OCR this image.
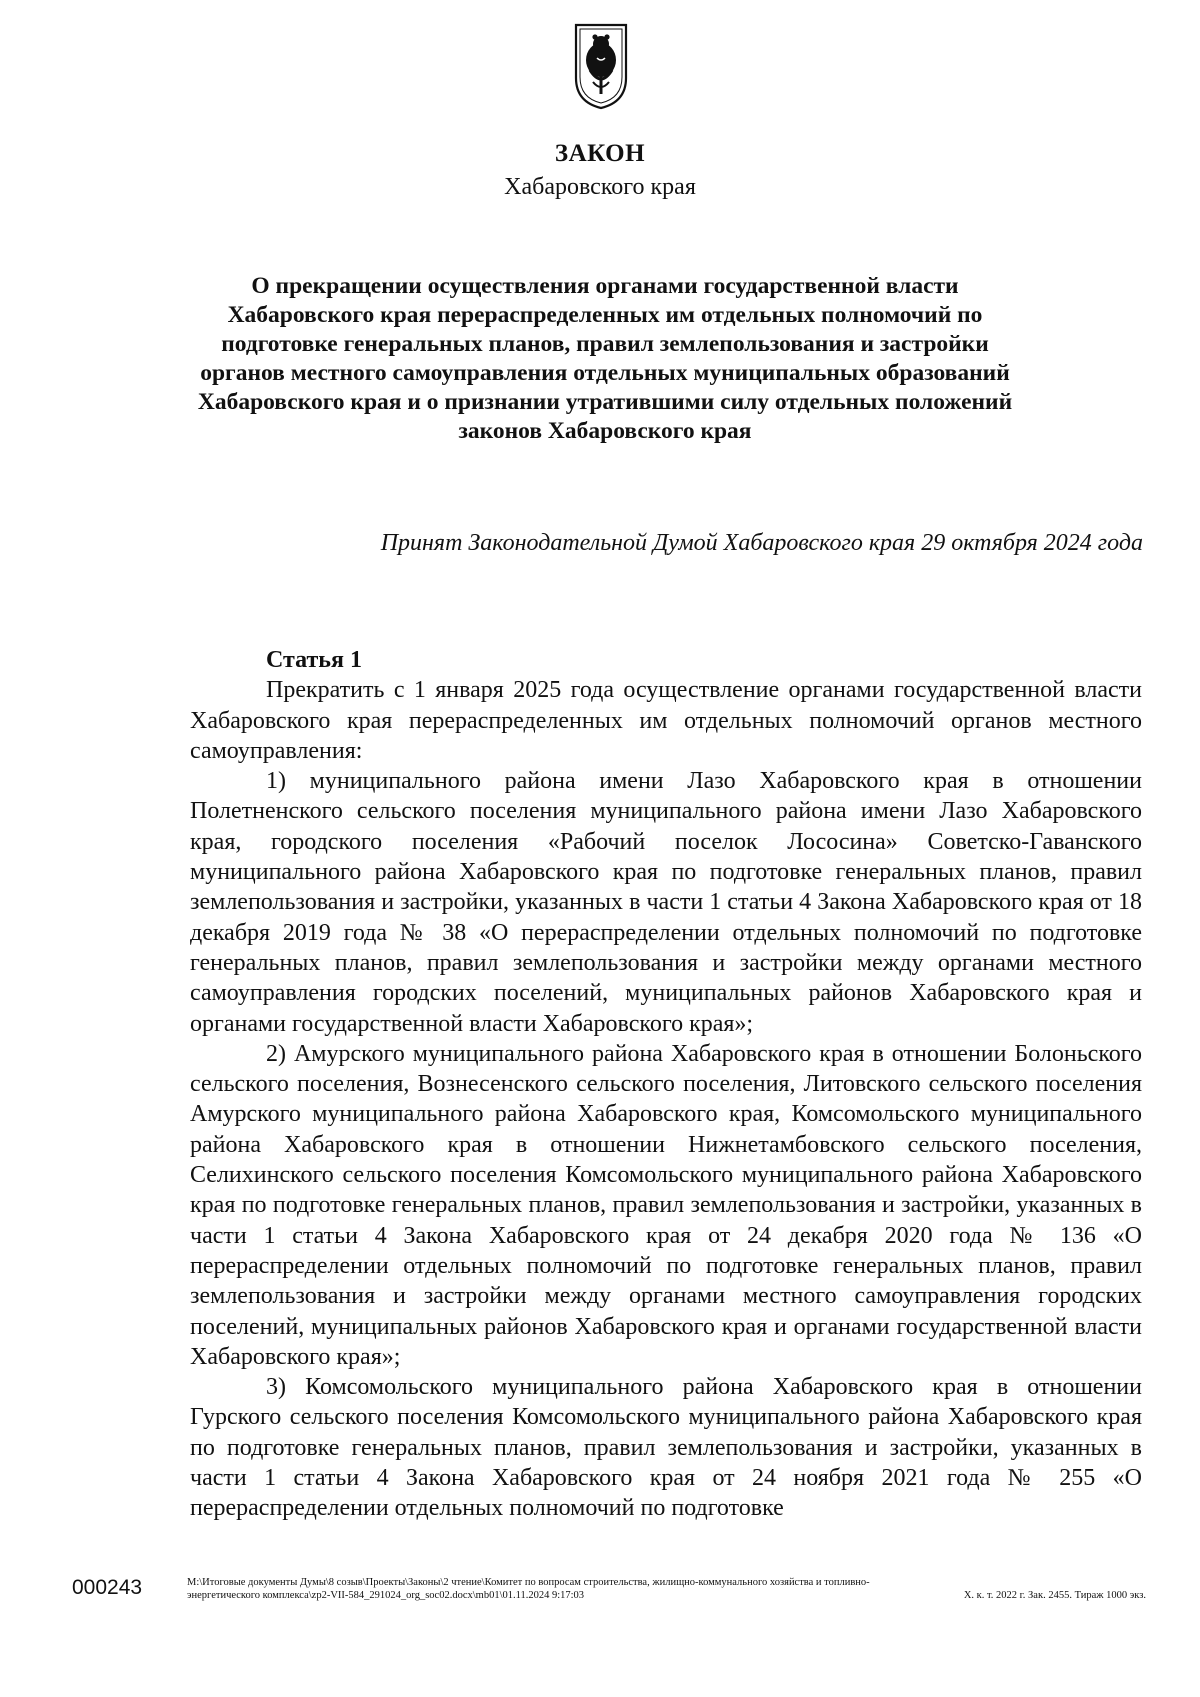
ЗАКОН
Хабаровского края
О прекращении осуществления органами государственной власти Хабаровского края перераспределенных им отдельных полномочий по подготовке генеральных планов, правил землепользования и застройки органов местного самоуправления отдельных муниципальных образований Хабаровского края и о признании утратившими силу отдельных положений законов Хабаровского края
Принят Законодательной Думой Хабаровского края 29 октября 2024 года
Статья 1

Прекратить с 1 января 2025 года осуществление органами государственной власти Хабаровского края перераспределенных им отдельных полномочий органов местного самоуправления:

1) муниципального района имени Лазо Хабаровского края в отношении Полетненского сельского поселения муниципального района имени Лазо Хабаровского края, городского поселения «Рабочий поселок Лососина» Советско-Гаванского муниципального района Хабаровского края по подготовке генеральных планов, правил землепользования и застройки, указанных в части 1 статьи 4 Закона Хабаровского края от 18 декабря 2019 года № 38 «О перераспределении отдельных полномочий по подготовке генеральных планов, правил землепользования и застройки между органами местного самоуправления городских поселений, муниципальных районов Хабаровского края и органами государственной власти Хабаровского края»;

2) Амурского муниципального района Хабаровского края в отношении Болоньского сельского поселения, Вознесенского сельского поселения, Литовского сельского поселения Амурского муниципального района Хабаровского края, Комсомольского муниципального района Хабаровского края в отношении Нижнетамбовского сельского поселения, Селихинского сельского поселения Комсомольского муниципального района Хабаровского края по подготовке генеральных планов, правил землепользования и застройки, указанных в части 1 статьи 4 Закона Хабаровского края от 24 декабря 2020 года № 136 «О перераспределении отдельных полномочий по подготовке генеральных планов, правил землепользования и застройки между органами местного самоуправления городских поселений, муниципальных районов Хабаровского края и органами государственной власти Хабаровского края»;

3) Комсомольского муниципального района Хабаровского края в отношении Гурского сельского поселения Комсомольского муниципального района Хабаровского края по подготовке генеральных планов, правил землепользования и застройки, указанных в части 1 статьи 4 Закона Хабаровского края от 24 ноября 2021 года № 255 «О перераспределении отдельных полномочий по подготовке

000243	M:\Итоговые документы Думы\8 созыв\Проекты\Законы\2 чтение\Комитет по вопросам строительства, жилищно-коммунального хозяйства и топливно-энергетического комплекса\zp2-VII-584_291024_org_soc02.docx\mb01\01.11.2024 9:17:03	Х. к. т. 2022 г. Зак. 2455. Тираж 1000 экз.
